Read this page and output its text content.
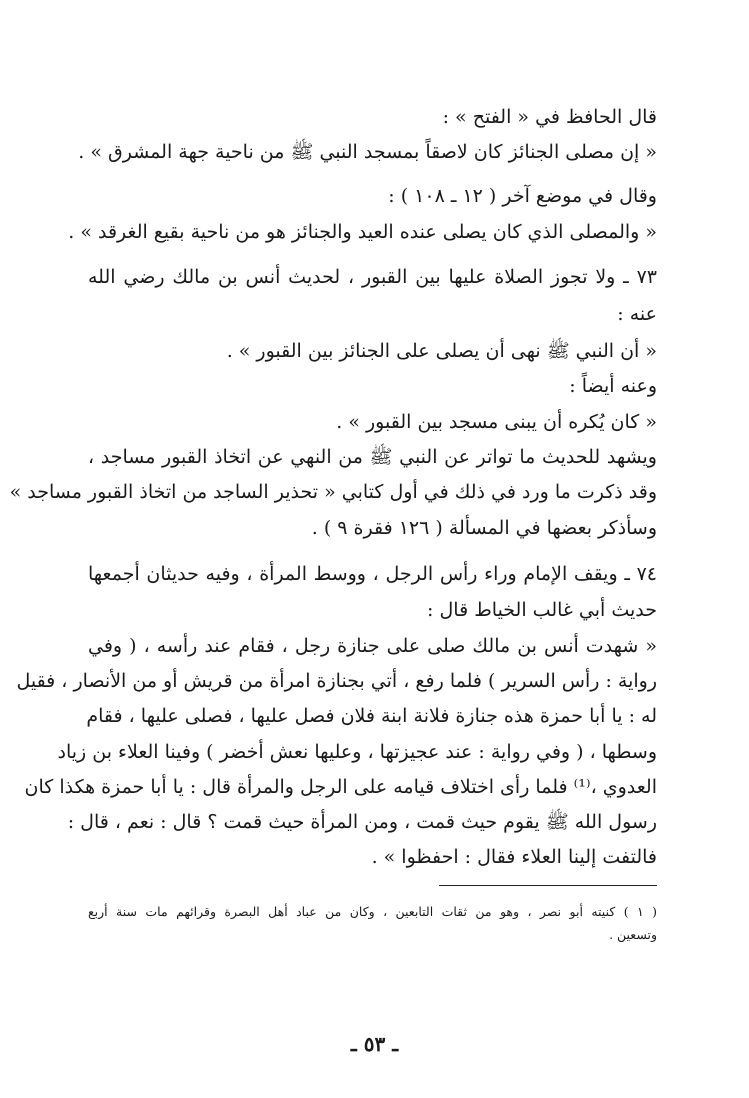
قال الحافظ في « الفتح » :
« إن مصلى الجنائز كان لاصقاً بمسجد النبي ﷺ من ناحية جهة المشرق » .
وقال في موضع آخر ( ١٢ ـ ١٠٨ ) :
« والمصلى الذي كان يصلى عنده العيد والجنائز هو من ناحية بقيع الغرقد » .
٧٣ ـ ولا تجوز الصلاة عليها بين القبور ، لحديث أنس بن مالك رضي الله
عنه :
« أن النبي ﷺ نهى أن يصلى على الجنائز بين القبور » .
وعنه أيضاً :
« كان يُكره أن يبنى مسجد بين القبور » .
ويشهد للحديث ما تواتر عن النبي ﷺ من النهي عن اتخاذ القبور مساجد ،
وقد ذكرت ما ورد في ذلك في أول كتابي « تحذير الساجد من اتخاذ القبور مساجد »
وسأذكر بعضها في المسألة ( ١٢٦ فقرة ٩ ) .
٧٤ ـ ويقف الإمام وراء رأس الرجل ، ووسط المرأة ، وفيه حديثان أجمعها
حديث أبي غالب الخياط قال :
« شهدت أنس بن مالك صلى على جنازة رجل ، فقام عند رأسه ، ( وفي
رواية : رأس السرير ) فلما رفع ، أتي بجنازة امرأة من قريش أو من الأنصار ، فقيل
له : يا أبا حمزة هذه جنازة فلانة ابنة فلان فصل عليها ، فصلى عليها ، فقام
وسطها ، ( وفي رواية : عند عجيزتها ، وعليها نعش أخضر ) وفينا العلاء بن زياد
العدوي ،⁽¹⁾ فلما رأى اختلاف قيامه على الرجل والمرأة قال : يا أبا حمزة هكذا كان
رسول الله ﷺ يقوم حيث قمت ، ومن المرأة حيث قمت ؟ قال : نعم ، قال :
فالتفت إلينا العلاء فقال : احفظوا » .
( ١ ) كنيته أبو نصر ، وهو من ثقات التابعين ، وكان من عباد أهل البصرة وقرائهم مات سنة أربع
وتسعين .
ـ ٥٣ ـ
